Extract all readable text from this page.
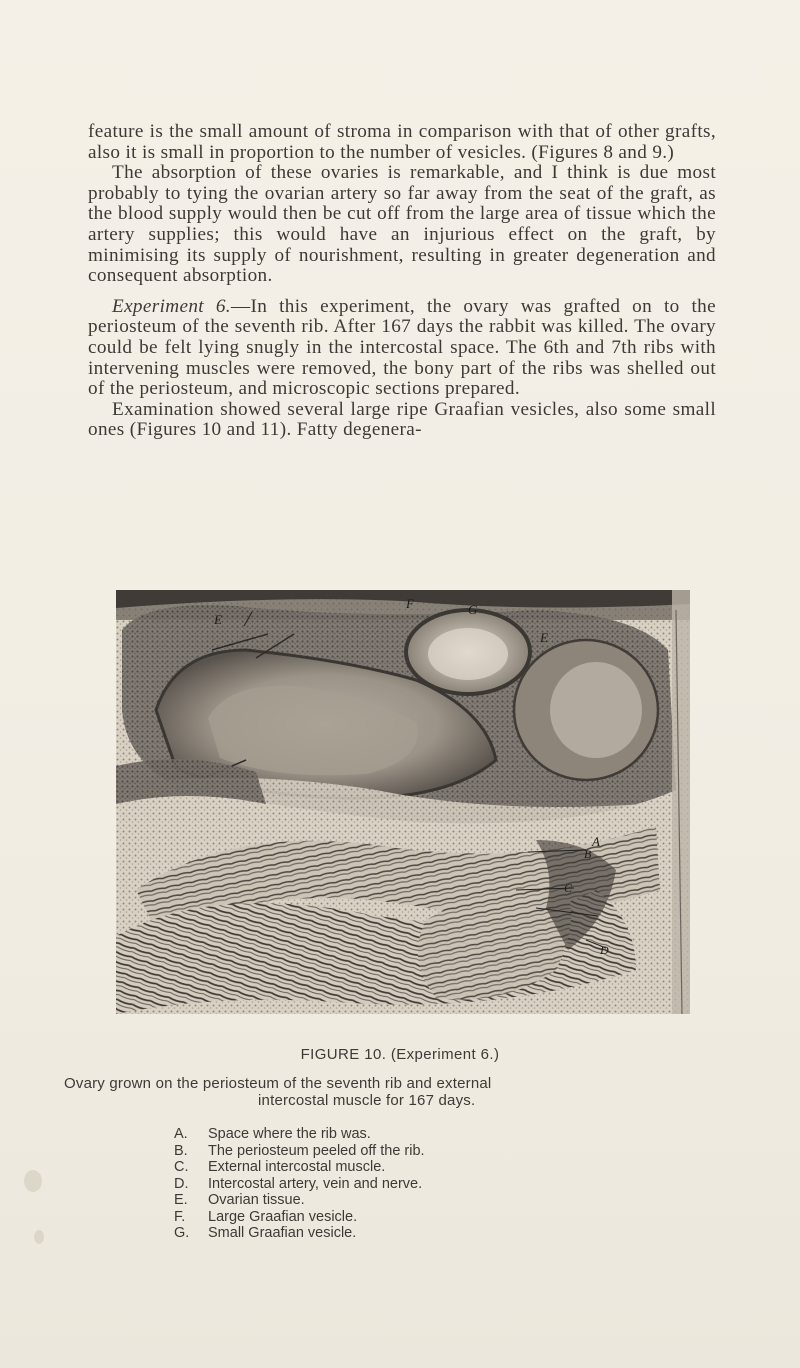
feature is the small amount of stroma in comparison with that of other grafts, also it is small in proportion to the number of vesicles. (Figures 8 and 9.)

The absorption of these ovaries is remarkable, and I think is due most probably to tying the ovarian artery so far away from the seat of the graft, as the blood supply would then be cut off from the large area of tissue which the artery supplies; this would have an injurious effect on the graft, by minimising its supply of nourishment, resulting in greater degeneration and consequent absorption.

Experiment 6.—In this experiment, the ovary was grafted on to the periosteum of the seventh rib. After 167 days the rabbit was killed. The ovary could be felt lying snugly in the intercostal space. The 6th and 7th ribs with intervening muscles were removed, the bony part of the ribs was shelled out of the periosteum, and microscopic sections prepared.

Examination showed several large ripe Graafian vesicles, also some small ones (Figures 10 and 11). Fatty degenera-

E
F	G
E
A
B
C
D
FIGURE 10. (Experiment 6.)
Ovary grown on the periosteum of the seventh rib and external
intercostal muscle for 167 days.
A.	Space where the rib was.
B.	The periosteum peeled off the rib.
C.	External intercostal muscle.
D.	Intercostal artery, vein and nerve.
E.	Ovarian tissue.
F.	Large Graafian vesicle.
G.	Small Graafian vesicle.
